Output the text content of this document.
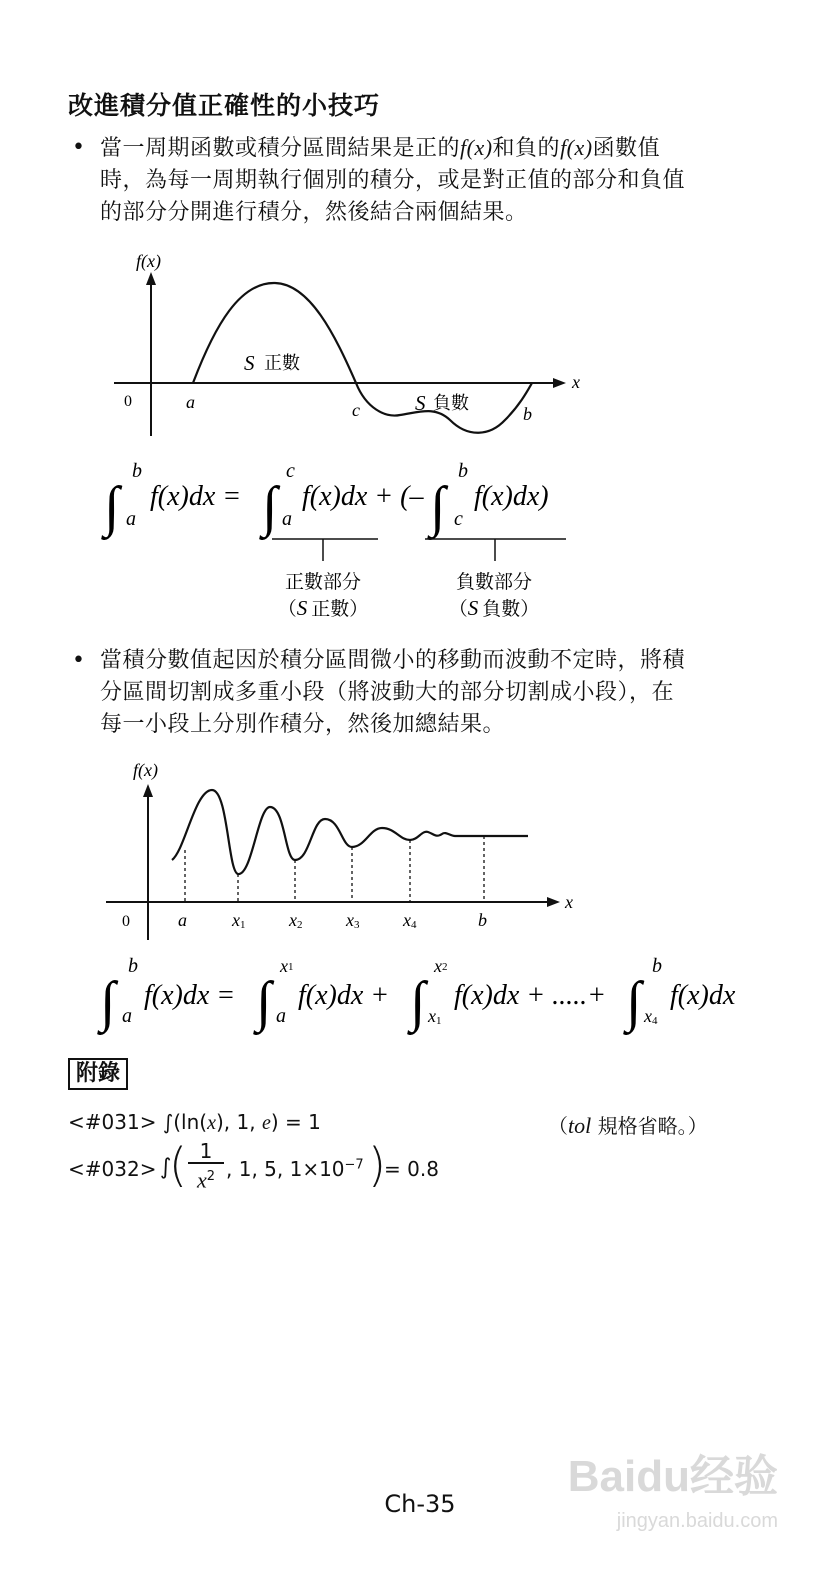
改進積分值正確性的小技巧
• 當一周期函數或積分區間結果是正的f(x)和負的f(x)函數值
時，為每一周期執行個別的積分，或是對正值的部分和負值
的部分分開進行積分，然後結合兩個結果。
f(x)
x
0	a	c	b
S 正數
S 負數
∫
b
a
f(x)dx = ∫
c
a
f(x)dx + (– ∫
b
c
f(x)dx)
正數部分
（S 正數）
負數部分
（S 負數）
• 當積分數值起因於積分區間微小的移動而波動不定時，將積
分區間切割成多重小段（將波動大的部分切割成小段），在
每一小段上分別作積分，然後加總結果。
f(x)
x
0	a	x1 x2 x3 x4	b
∫
b
a
f(x)dx = ∫
x1
a
f(x)dx + ∫
x2
x1
f(x)dx + .....+ ∫
b
x4
f(x)dx
附錄
<#031> ∫(ln(x), 1, e) = 1	（tol 規格省略。）
<#032> ∫
( $\frac{1}{x^2}$ , 1, 5, $1\times 10^{-7}$ )
= 0.8
Baidu经验
jingyan.baidu.com
Ch-35
